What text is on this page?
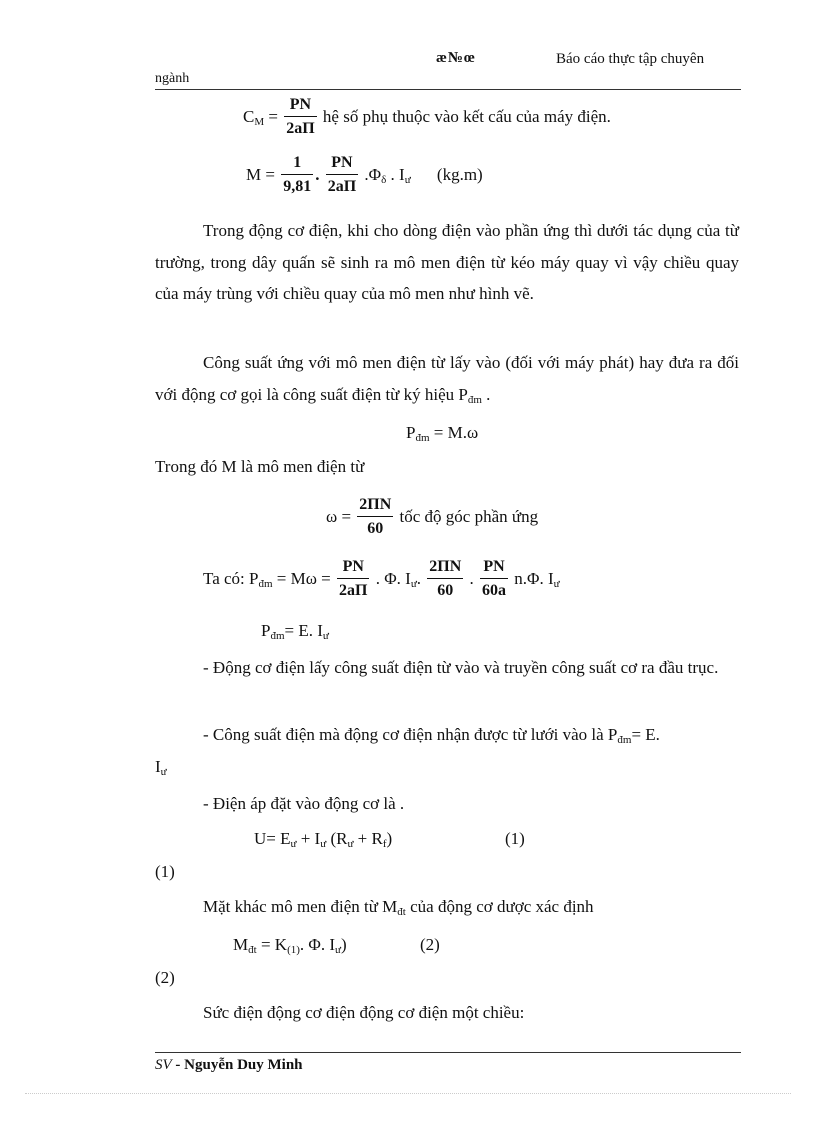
æ№œ	Báo cáo thực tập chuyên
ngành
$C_M = \frac{PN}{2a\Pi}$ hệ số phụ thuộc vào kết cấu của máy điện.
$M = \frac{1}{9,81}$ . $\frac{PN}{2a\Pi} .\Phi_\delta$ . $I_ư$ (kg.m)
Trong động cơ điện, khi cho dòng điện vào phần ứng thì dưới tác dụng của từ trường, trong dây quấn sẽ sinh ra mô men điện từ kéo máy quay vì vậy chiều quay của máy trùng với chiều quay của mô men như hình vẽ.
Công suất ứng với mô men điện từ lấy vào (đối với máy phát) hay đưa ra đối với động cơ gọi là công suất điện từ ký hiệu $P_{đm}$ .
$P_{đm} = M.\omega$
Trong đó M là mô men điện từ
$\omega = \frac{2\Pi N}{60}$ tốc độ góc phần ứng
Ta có: $P_{đm} = M\omega = \frac{PN}{2a\Pi}$ . Φ. $I_ư$. $\frac{2\Pi N}{60}$ . $\frac{PN}{60a} n.\Phi$. $I_ư$
$P_{đm}= E$. $I_ư$
- Động cơ điện lấy công suất điện từ vào và truyền công suất cơ ra đầu trục.
- Công suất điện mà động cơ điện nhận được từ lưới vào là $P_{đm}= E$.
$I_ư$
- Điện áp đặt vào động cơ là .
$U= E_ư + I_ư$ $(R_ư + R_f)$	(1)
(1)
Mặt khác mô men điện từ $M_{đt}$ của động cơ dược xác định
$M_{đt} = K_{(1)}$. Φ. $I_ư$)	(2)
(2)
Sức điện động cơ điện động cơ điện một chiều:
SV - Nguyễn Duy Minh
